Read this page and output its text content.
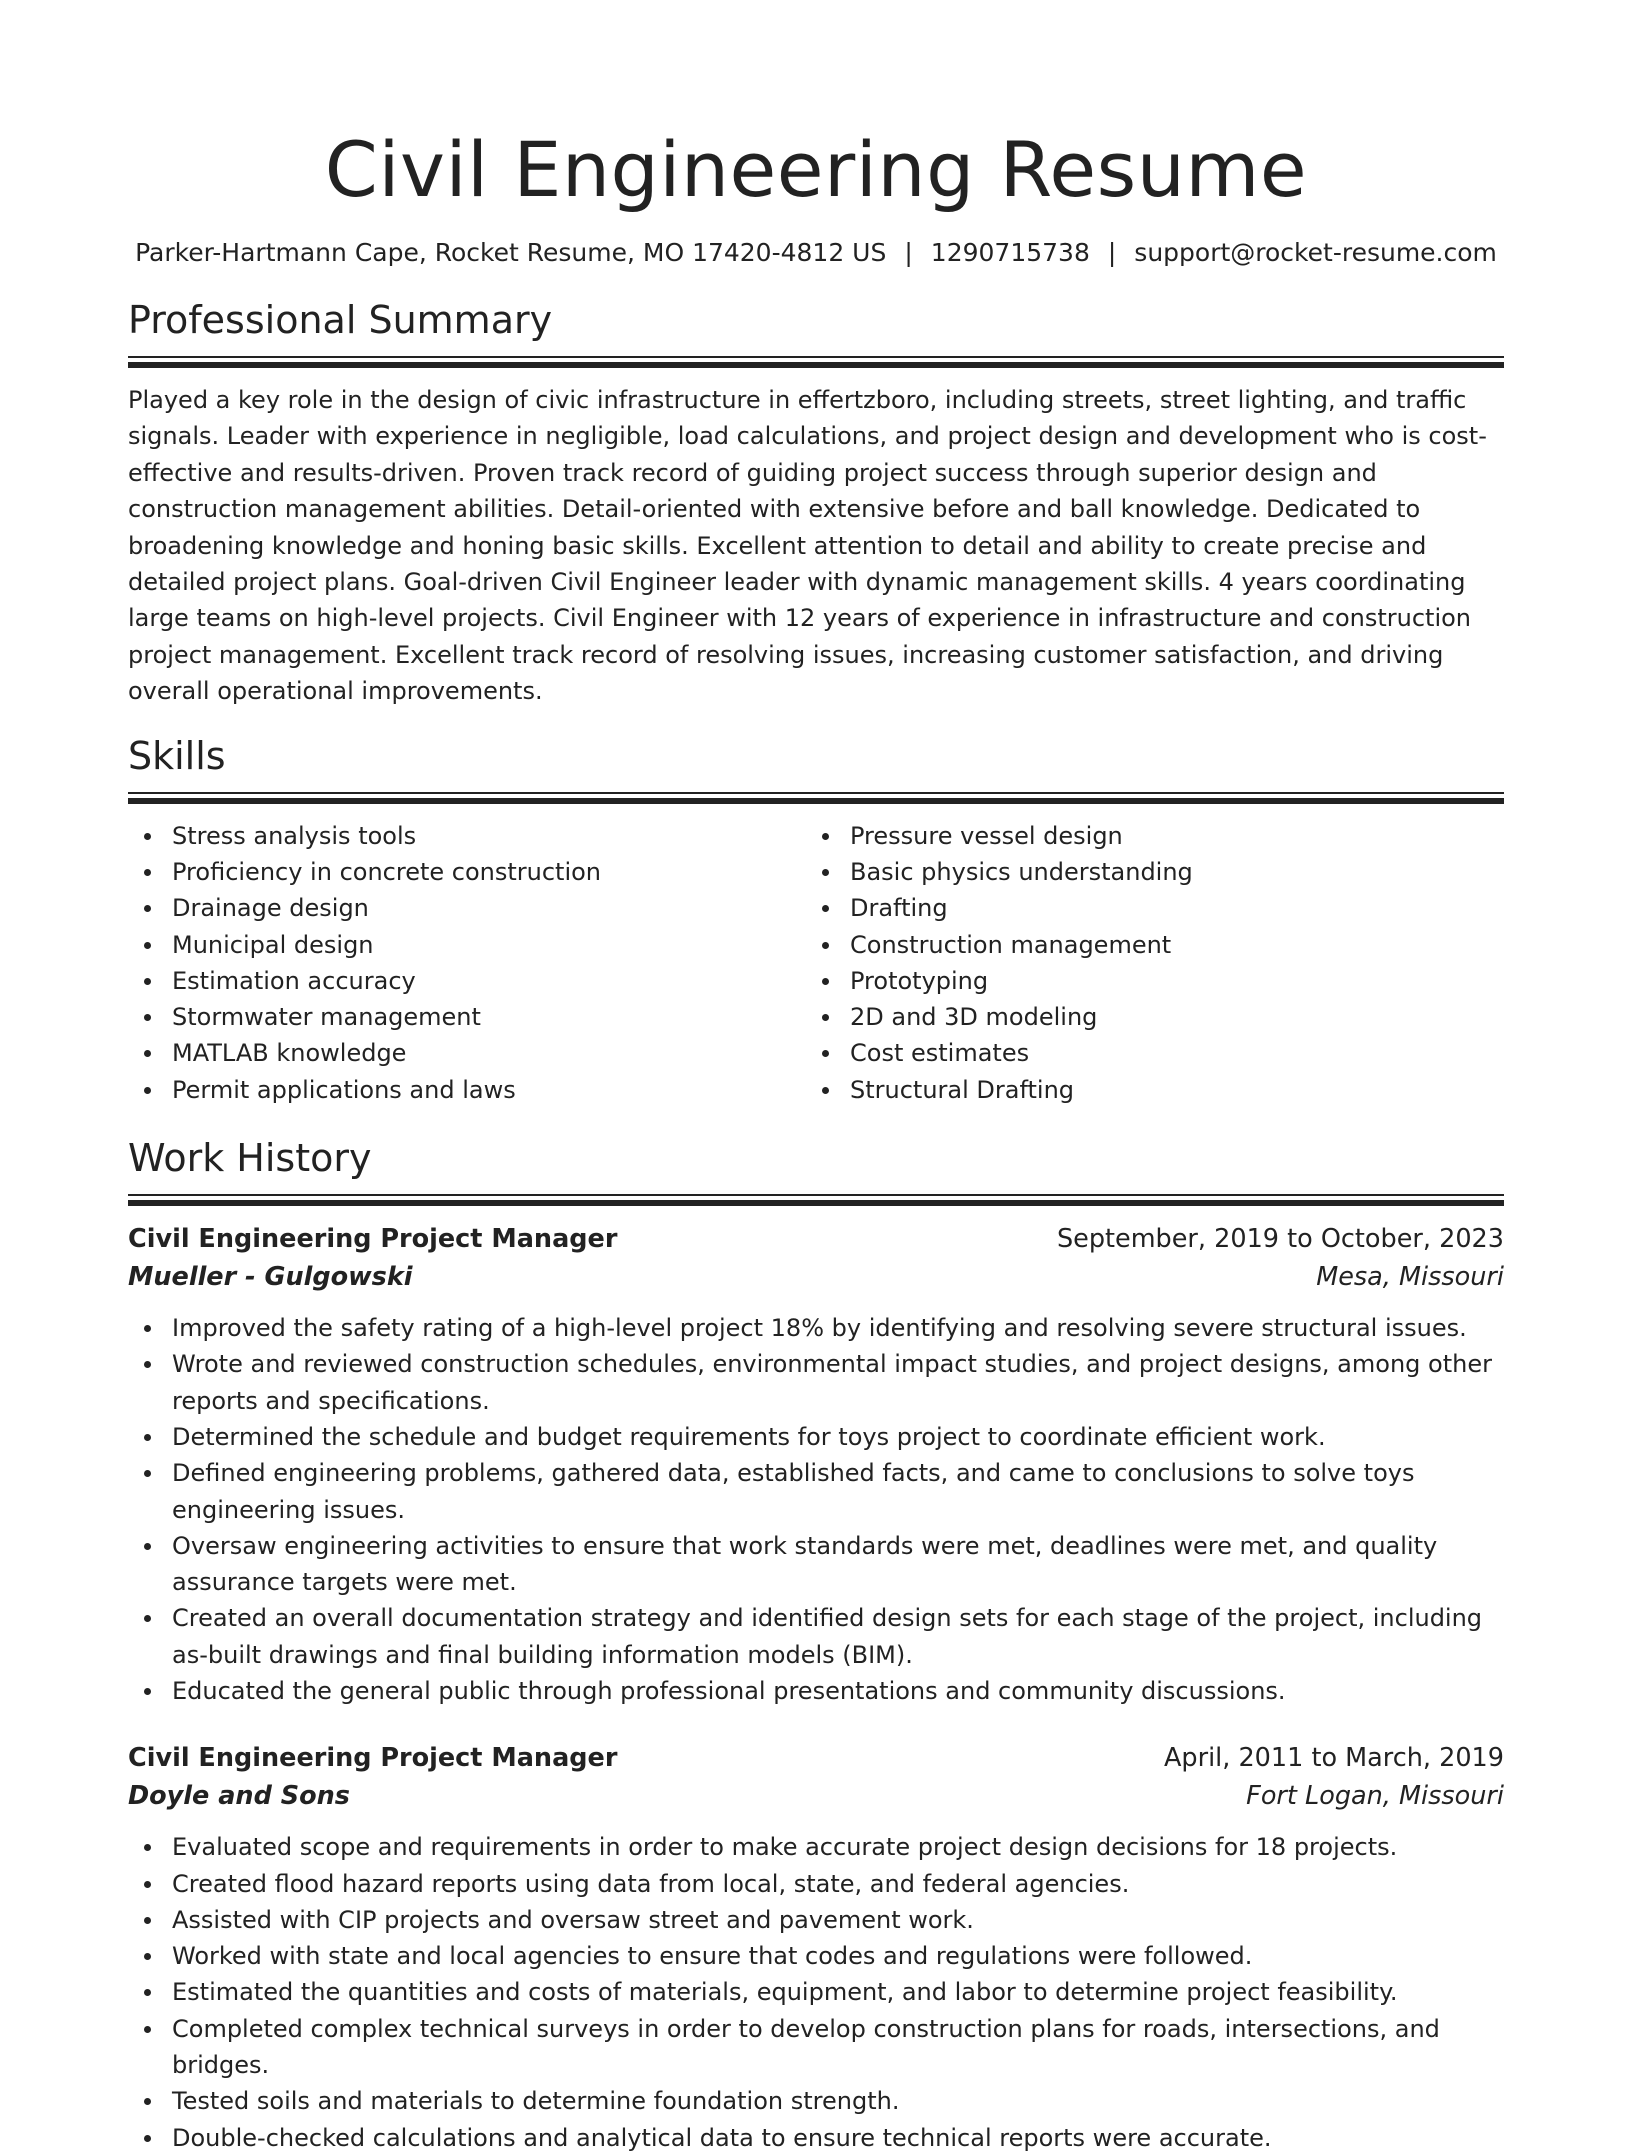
Civil Engineering Resume
Parker-Hartmann Cape, Rocket Resume, MO 17420-4812 US | 1290715738 | support@rocket-resume.com
Professional Summary
Played a key role in the design of civic infrastructure in effertzboro, including streets, street lighting, and traffic signals. Leader with experience in negligible, load calculations, and project design and development who is cost-effective and results-driven. Proven track record of guiding project success through superior design and construction management abilities. Detail-oriented with extensive before and ball knowledge. Dedicated to broadening knowledge and honing basic skills. Excellent attention to detail and ability to create precise and detailed project plans. Goal-driven Civil Engineer leader with dynamic management skills. 4 years coordinating large teams on high-level projects. Civil Engineer with 12 years of experience in infrastructure and construction project management. Excellent track record of resolving issues, increasing customer satisfaction, and driving overall operational improvements.
Skills
Stress analysis tools
Proficiency in concrete construction
Drainage design
Municipal design
Estimation accuracy
Stormwater management
MATLAB knowledge
Permit applications and laws
Pressure vessel design
Basic physics understanding
Drafting
Construction management
Prototyping
2D and 3D modeling
Cost estimates
Structural Drafting
Work History
Civil Engineering Project Manager	September, 2019 to October, 2023
Mueller - Gulgowski	Mesa, Missouri
Improved the safety rating of a high-level project 18% by identifying and resolving severe structural issues.
Wrote and reviewed construction schedules, environmental impact studies, and project designs, among other reports and specifications.
Determined the schedule and budget requirements for toys project to coordinate efficient work.
Defined engineering problems, gathered data, established facts, and came to conclusions to solve toys engineering issues.
Oversaw engineering activities to ensure that work standards were met, deadlines were met, and quality assurance targets were met.
Created an overall documentation strategy and identified design sets for each stage of the project, including as-built drawings and final building information models (BIM).
Educated the general public through professional presentations and community discussions.
Civil Engineering Project Manager	April, 2011 to March, 2019
Doyle and Sons	Fort Logan, Missouri
Evaluated scope and requirements in order to make accurate project design decisions for 18 projects.
Created flood hazard reports using data from local, state, and federal agencies.
Assisted with CIP projects and oversaw street and pavement work.
Worked with state and local agencies to ensure that codes and regulations were followed.
Estimated the quantities and costs of materials, equipment, and labor to determine project feasibility.
Completed complex technical surveys in order to develop construction plans for roads, intersections, and bridges.
Tested soils and materials to determine foundation strength.
Double-checked calculations and analytical data to ensure technical reports were accurate.
